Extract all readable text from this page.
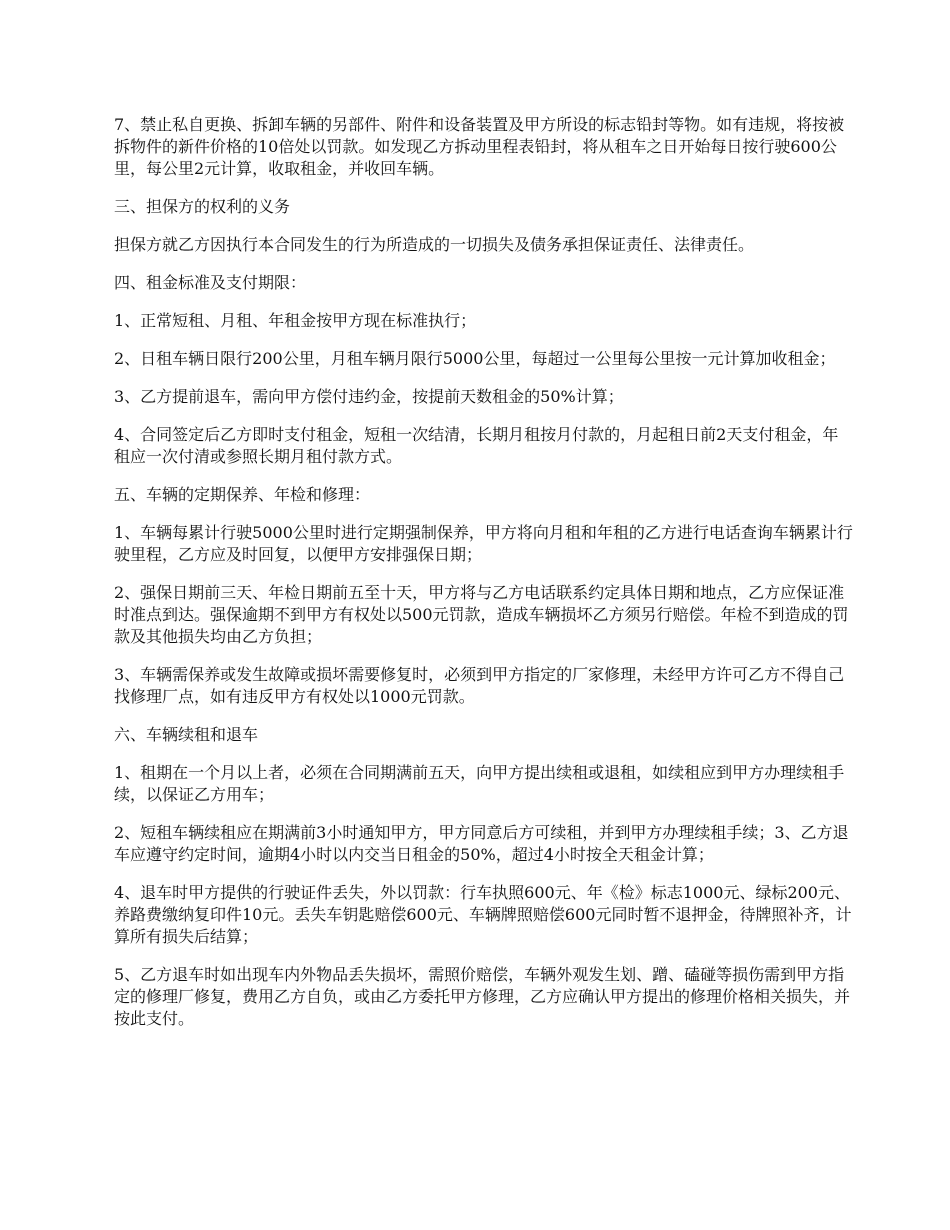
7、禁止私自更换、拆卸车辆的另部件、附件和设备装置及甲方所设的标志铅封等物。如有违规，将按被拆物件的新件价格的10倍处以罚款。如发现乙方拆动里程表铅封，将从租车之日开始每日按行驶600公里，每公里2元计算，收取租金，并收回车辆。

三、担保方的权利的义务

担保方就乙方因执行本合同发生的行为所造成的一切损失及债务承担保证责任、法律责任。

四、租金标准及支付期限：

1、正常短租、月租、年租金按甲方现在标准执行；

2、日租车辆日限行200公里，月租车辆月限行5000公里，每超过一公里每公里按一元计算加收租金；

3、乙方提前退车，需向甲方偿付违约金，按提前天数租金的50%计算；

4、合同签定后乙方即时支付租金，短租一次结清，长期月租按月付款的，月起租日前2天支付租金，年租应一次付清或参照长期月租付款方式。

五、车辆的定期保养、年检和修理：

1、车辆每累计行驶5000公里时进行定期强制保养，甲方将向月租和年租的乙方进行电话查询车辆累计行驶里程，乙方应及时回复，以便甲方安排强保日期；

2、强保日期前三天、年检日期前五至十天，甲方将与乙方电话联系约定具体日期和地点，乙方应保证准时准点到达。强保逾期不到甲方有权处以500元罚款，造成车辆损坏乙方须另行赔偿。年检不到造成的罚款及其他损失均由乙方负担；

3、车辆需保养或发生故障或损坏需要修复时，必须到甲方指定的厂家修理，未经甲方许可乙方不得自己找修理厂点，如有违反甲方有权处以1000元罚款。

六、车辆续租和退车

1、租期在一个月以上者，必须在合同期满前五天，向甲方提出续租或退租，如续租应到甲方办理续租手续，以保证乙方用车；

2、短租车辆续租应在期满前3小时通知甲方，甲方同意后方可续租，并到甲方办理续租手续；3、乙方退车应遵守约定时间，逾期4小时以内交当日租金的50%，超过4小时按全天租金计算；

4、退车时甲方提供的行驶证件丢失，外以罚款：行车执照600元、年《检》标志1000元、绿标200元、养路费缴纳复印件10元。丢失车钥匙赔偿600元、车辆牌照赔偿600元同时暂不退押金，待牌照补齐，计算所有损失后结算；

5、乙方退车时如出现车内外物品丢失损坏，需照价赔偿，车辆外观发生划、蹭、磕碰等损伤需到甲方指定的修理厂修复，费用乙方自负，或由乙方委托甲方修理，乙方应确认甲方提出的修理价格相关损失，并按此支付。
